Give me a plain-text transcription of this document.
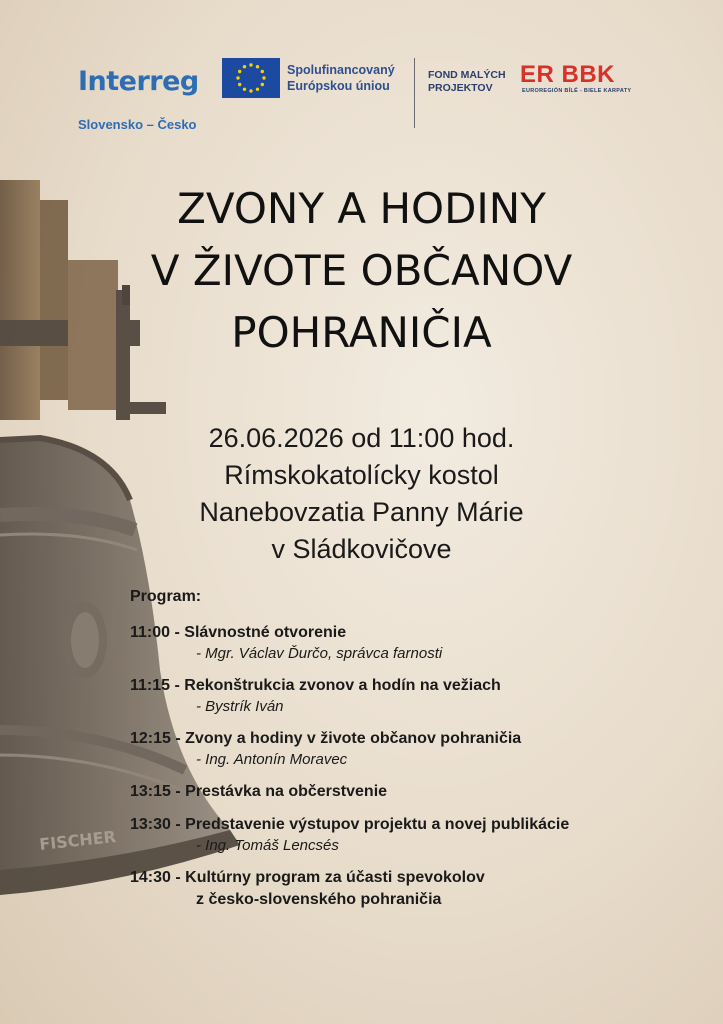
FISCHER
Interreg
Slovensko – Česko
Spolufinancovaný
Európskou úniou
FOND MALÝCH
PROJEKTOV	ER BBK
EUROREGIÓN BÍLÉ - BIELE KARPATY
ZVONY A HODINY
V ŽIVOTE OBČANOV
POHRANIČIA
26.06.2026 od 11:00 hod.
Rímskokatolícky kostol
Nanebovzatia Panny Márie
v Sládkovičove
Program:
11:00 - Slávnostné otvorenie
- Mgr. Václav Ďurčo, správca farnosti
11:15 - Rekonštrukcia zvonov a hodín na vežiach
- Bystrík Iván
12:15 - Zvony a hodiny v živote občanov pohraničia
- Ing. Antonín Moravec
13:15 - Prestávka na občerstvenie
13:30 - Predstavenie výstupov projektu a novej publikácie
- Ing. Tomáš Lencsés
14:30 - Kultúrny program za účasti spevokolov
z česko-slovenského pohraničia
